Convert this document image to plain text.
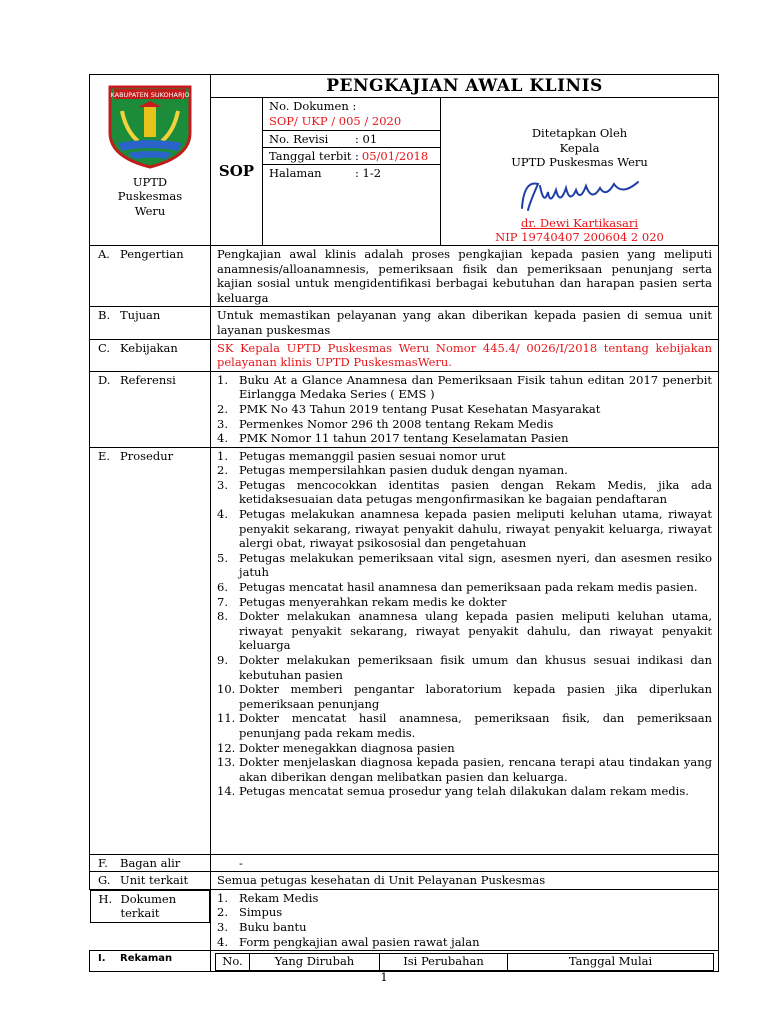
KABUPATEN SUKOHARJO
UPTD
Puskesmas
Weru
	PENGKAJIAN AWAL KLINIS
SOP	
No. Dokumen :
SOP/ UKP / 005 / 2020
No. Revisi	: 01
Tanggal terbit : 05/01/2018
Halaman	: 1-2

Ditetapkan Oleh
Kepala
UPTD Puskesmas Weru
dr. Dewi Kartikasari
NIP 19740407 200604 2 020

A. Pengertian	Pengkajian awal klinis adalah proses pengkajian kepada pasien yang meliputi anamnesis/alloanamnesis, pemeriksaan fisik dan pemeriksaan penunjang serta kajian sosial untuk mengidentifikasi berbagai kebutuhan dan harapan pasien serta keluarga
B. Tujuan	Untuk memastikan pelayanan yang akan diberikan kepada pasien di semua unit layanan puskesmas
C. Kebijakan	SK Kepala UPTD Puskesmas Weru Nomor 445.4/ 0026/I/2018 tentang kebijakan pelayanan klinis UPTD PuskesmasWeru.
D. Referensi	1. Buku At a Glance Anamnesa dan Pemeriksaan Fisik tahun editan 2017 penerbit Eirlangga Medaka Series ( EMS )
2. PMK No 43 Tahun 2019 tentang Pusat Kesehatan Masyarakat
3. Permenkes Nomor 296 th 2008 tentang Rekam Medis
4. PMK Nomor 11 tahun 2017 tentang Keselamatan Pasien

E. Prosedur	1. Petugas memanggil pasien sesuai nomor urut
2. Petugas mempersilahkan pasien duduk dengan nyaman.
3. Petugas mencocokkan identitas pasien dengan Rekam Medis, jika ada ketidaksesuaian data petugas mengonfirmasikan ke bagaian pendaftaran
4. Petugas melakukan anamnesa kepada pasien meliputi keluhan utama, riwayat penyakit sekarang, riwayat penyakit dahulu, riwayat penyakit keluarga, riwayat alergi obat, riwayat psikososial dan pengetahuan
5. Petugas melakukan pemeriksaan vital sign, asesmen nyeri, dan asesmen resiko jatuh
6. Petugas mencatat hasil anamnesa dan pemeriksaan pada rekam medis pasien.
7. Petugas menyerahkan rekam medis ke dokter
8. Dokter melakukan anamnesa ulang kepada pasien meliputi keluhan utama, riwayat penyakit sekarang, riwayat penyakit dahulu, dan riwayat penyakit keluarga
9. Dokter melakukan pemeriksaan fisik umum dan khusus sesuai indikasi dan kebutuhan pasien
10. Dokter memberi pengantar laboratorium kepada pasien jika diperlukan pemeriksaan penunjang
11. Dokter mencatat hasil anamnesa, pemeriksaan fisik, dan pemeriksaan penunjang pada rekam medis.
12. Dokter menegakkan diagnosa pasien
13. Dokter menjelaskan diagnosa kepada pasien, rencana terapi atau tindakan yang akan diberikan dengan melibatkan pasien dan keluarga.
14. Petugas mencatat semua prosedur yang telah dilakukan dalam rekam medis.

F. Bagan alir	-
G. Unit terkait	Semua petugas kesehatan di Unit Pelayanan Puskesmas

H. Dokumen terkait
1. Rekam Medis
2. Simpus
3. Buku bantu
4. Form pengkajian awal pasien rawat jalan

I. Rekaman		No.	Yang Dirubah	Isi Perubahan	Tanggal Mulai
1
